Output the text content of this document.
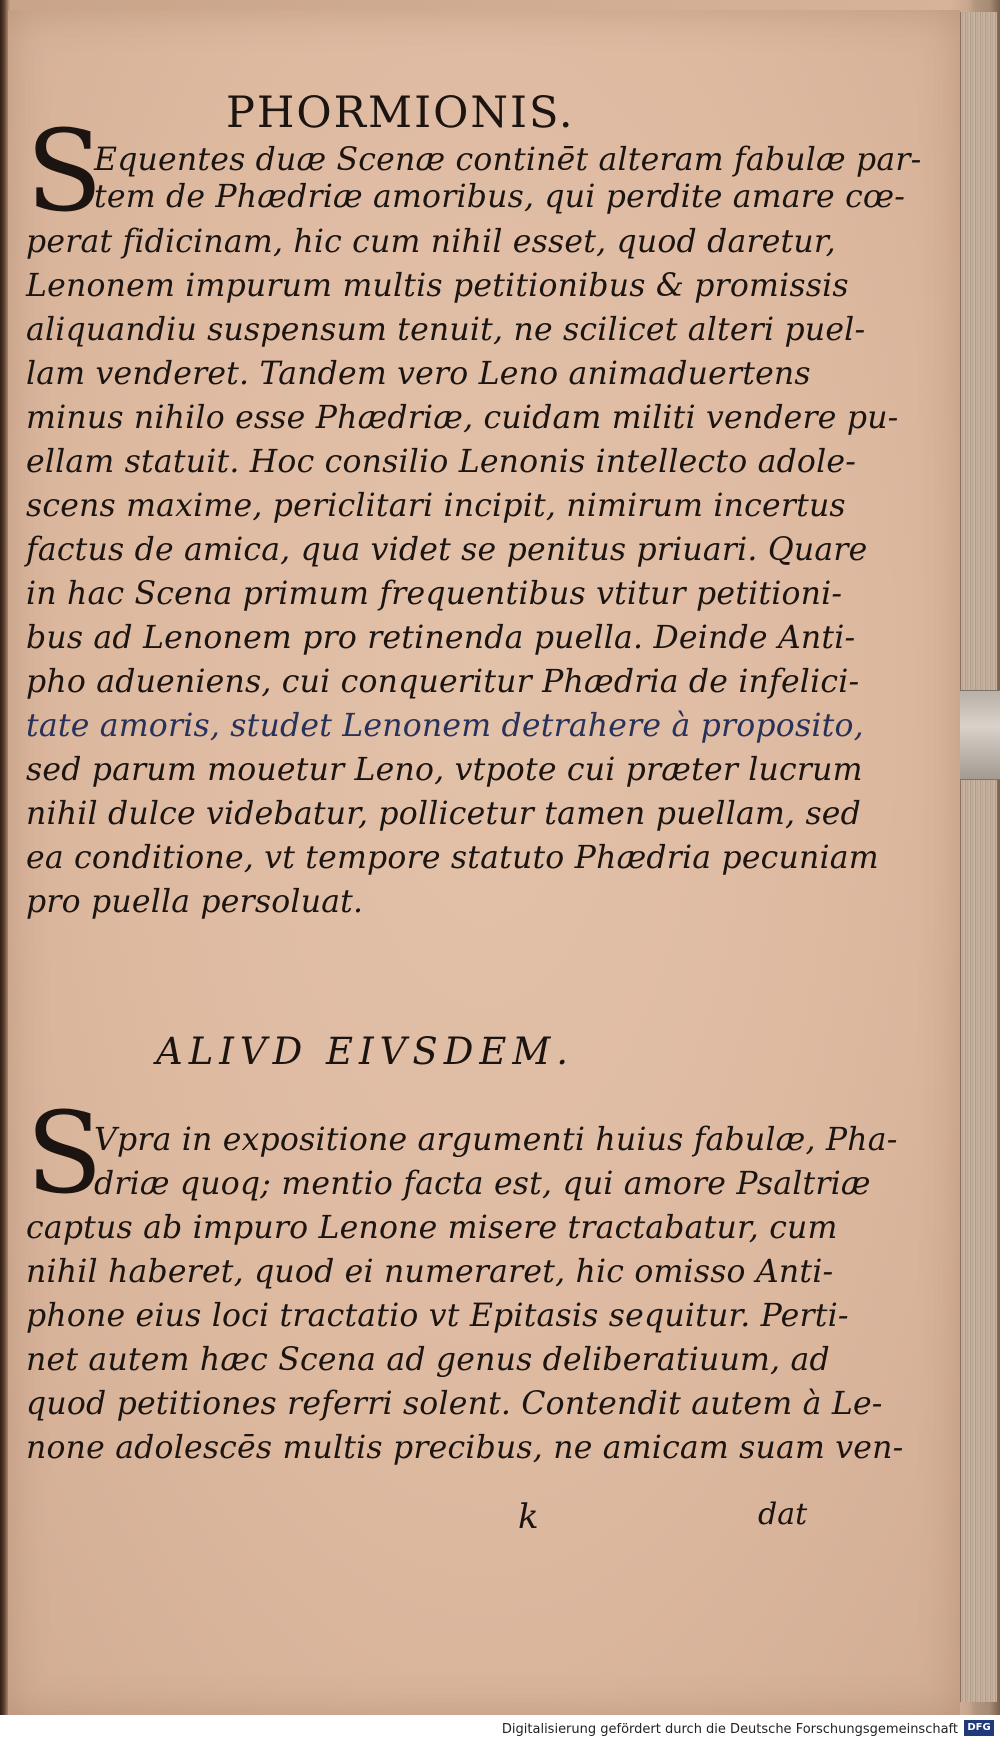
PHORMIONIS.
S
Equentes duæ Scenæ continēt alteram fabulæ par-
tem de Phædriæ amoribus, qui perdite amare cœ-
perat fidicinam, hic cum nihil esset, quod daretur,
Lenonem impurum multis petitionibus & promissis
aliquandiu suspensum tenuit, ne scilicet alteri puel-
lam venderet. Tandem vero Leno animaduertens
minus nihilo esse Phædriæ, cuidam militi vendere pu-
ellam statuit. Hoc consilio Lenonis intellecto adole-
scens maxime, periclitari incipit, nimirum incertus
factus de amica, qua videt se penitus priuari. Quare
in hac Scena primum frequentibus vtitur petitioni-
bus ad Lenonem pro retinenda puella. Deinde Anti-
pho adueniens, cui conqueritur Phædria de infelici-
tate amoris, studet Lenonem detrahere à proposito,
sed parum mouetur Leno, vtpote cui præter lucrum
nihil dulce videbatur, pollicetur tamen puellam, sed
ea conditione, vt tempore statuto Phædria pecuniam
pro puella persoluat.
ALIVD EIVSDEM.
S
Vpra in expositione argumenti huius fabulæ, Pha-
driæ quoq; mentio facta est, qui amore Psaltriæ
captus ab impuro Lenone misere tractabatur, cum
nihil haberet, quod ei numeraret, hic omisso Anti-
phone eius loci tractatio vt Epitasis sequitur. Perti-
net autem hæc Scena ad genus deliberatiuum, ad
quod petitiones referri solent. Contendit autem à Le-
none adolescēs multis precibus, ne amicam suam ven-
k	dat
Digitalisierung gefördert durch die Deutsche Forschungsgemeinschaft DFG
